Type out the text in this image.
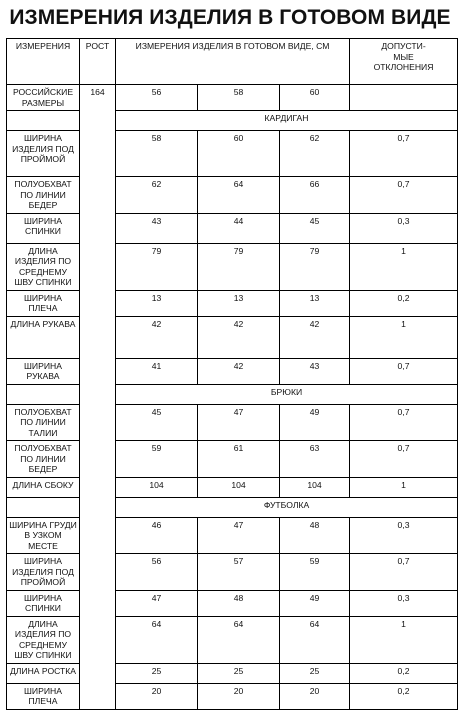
ИЗМЕРЕНИЯ ИЗДЕЛИЯ В ГОТОВОМ ВИДЕ
ИЗМЕРЕНИЯ	РОСТ	ИЗМЕРЕНИЯ ИЗДЕЛИЯ В ГОТОВОМ ВИДЕ, СМ			ДОПУСТИ-
МЫЕ
ОТКЛОНЕНИЯ
РОССИЙСКИЕ РАЗМЕРЫ	164	56	58	60	
		КАРДИГАН			
ШИРИНА ИЗДЕЛИЯ ПОД ПРОЙМОЙ		58	60	62	0,7
ПОЛУОБХВАТ ПО ЛИНИИ БЕДЕР		62	64	66	0,7
ШИРИНА СПИНКИ		43	44	45	0,3
ДЛИНА ИЗДЕЛИЯ ПО СРЕДНЕМУ ШВУ СПИНКИ		79	79	79	1
ШИРИНА ПЛЕЧА		13	13	13	0,2
ДЛИНА РУКАВА		42	42	42	1
ШИРИНА РУКАВА		41	42	43	0,7
		БРЮКИ			
ПОЛУОБХВАТ ПО ЛИНИИ ТАЛИИ		45	47	49	0,7
ПОЛУОБХВАТ ПО ЛИНИИ БЕДЕР		59	61	63	0,7
ДЛИНА СБОКУ		104	104	104	1
		ФУТБОЛКА			
ШИРИНА ГРУДИ В УЗКОМ МЕСТЕ		46	47	48	0,3
ШИРИНА ИЗДЕЛИЯ ПОД ПРОЙМОЙ		56	57	59	0,7
ШИРИНА СПИНКИ		47	48	49	0,3
ДЛИНА ИЗДЕЛИЯ ПО СРЕДНЕМУ ШВУ СПИНКИ		64	64	64	1
ДЛИНА РОСТКА		25	25	25	0,2
ШИРИНА ПЛЕЧА		20	20	20	0,2
